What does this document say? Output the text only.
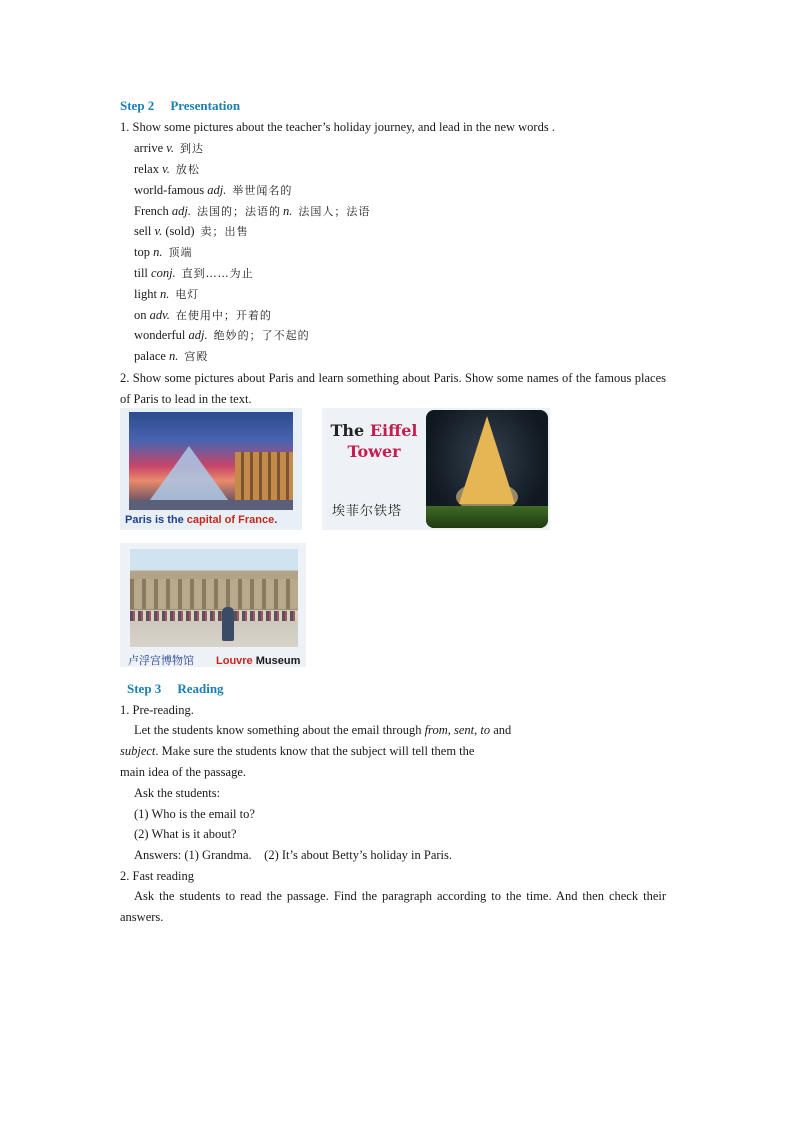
Step 2 Presentation
1. Show some pictures about the teacher’s holiday journey, and lead in the new words .
arrive v. 到达
relax v. 放松
world-famous adj. 举世闻名的
French adj. 法国的；法语的 n. 法国人；法语
sell v. (sold) 卖；出售
top n. 顶端
till conj. 直到……为止
light n. 电灯
on adv. 在使用中；开着的
wonderful adj. 绝妙的；了不起的
palace n. 宫殿
2. Show some pictures about Paris and learn something about Paris. Show some names of the famous places of Paris to lead in the text.
Paris is the capital of France.
The Eiffel
Tower
埃菲尔铁塔
卢浮宫博物馆 Louvre Museum
Step 3 Reading
1. Pre-reading.
Let the students know something about the email through from, sent, to and
subject. Make sure the students know that the subject will tell them the
main idea of the passage.
Ask the students:
(1) Who is the email to?
(2) What is it about?
Answers: (1) Grandma.    (2) It’s about Betty’s holiday in Paris.
2. Fast reading
Ask the students to read the passage. Find the paragraph according to the time. And then check their answers.
